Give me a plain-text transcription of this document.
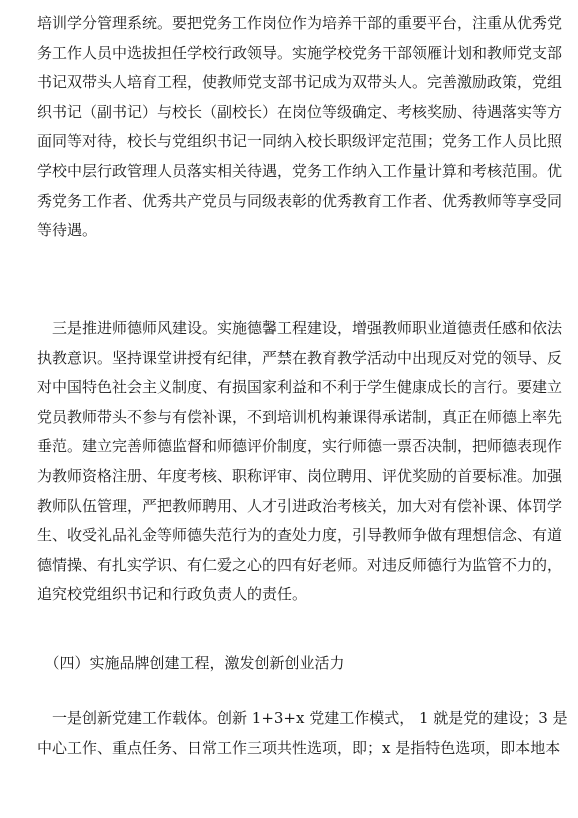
培训学分管理系统。要把党务工作岗位作为培养干部的重要平台，注重从优秀党
务工作人员中选拔担任学校行政领导。实施学校党务干部领雁计划和教师党支部
书记双带头人培育工程，使教师党支部书记成为双带头人。完善激励政策，党组
织书记（副书记）与校长（副校长）在岗位等级确定、考核奖励、待遇落实等方
面同等对待，校长与党组织书记一同纳入校长职级评定范围；党务工作人员比照
学校中层行政管理人员落实相关待遇，党务工作纳入工作量计算和考核范围。优
秀党务工作者、优秀共产党员与同级表彰的优秀教育工作者、优秀教师等享受同
等待遇。
　三是推进师德师风建设。实施德馨工程建设，增强教师职业道德责任感和依法
执教意识。坚持课堂讲授有纪律，严禁在教育教学活动中出现反对党的领导、反
对中国特色社会主义制度、有损国家利益和不利于学生健康成长的言行。要建立
党员教师带头不参与有偿补课，不到培训机构兼课得承诺制，真正在师德上率先
垂范。建立完善师德监督和师德评价制度，实行师德一票否决制，把师德表现作
为教师资格注册、年度考核、职称评审、岗位聘用、评优奖励的首要标准。加强
教师队伍管理，严把教师聘用、人才引进政治考核关，加大对有偿补课、体罚学
生、收受礼品礼金等师德失范行为的查处力度，引导教师争做有理想信念、有道
德情操、有扎实学识、有仁爱之心的四有好老师。对违反师德行为监管不力的，
追究校党组织书记和行政负责人的责任。
　（四）实施品牌创建工程，激发创新创业活力
　一是创新党建工作载体。创新 1+3+x 党建工作模式， 1 就是党的建设；3 是
中心工作、重点任务、日常工作三项共性选项，即；x 是指特色选项，即本地本
